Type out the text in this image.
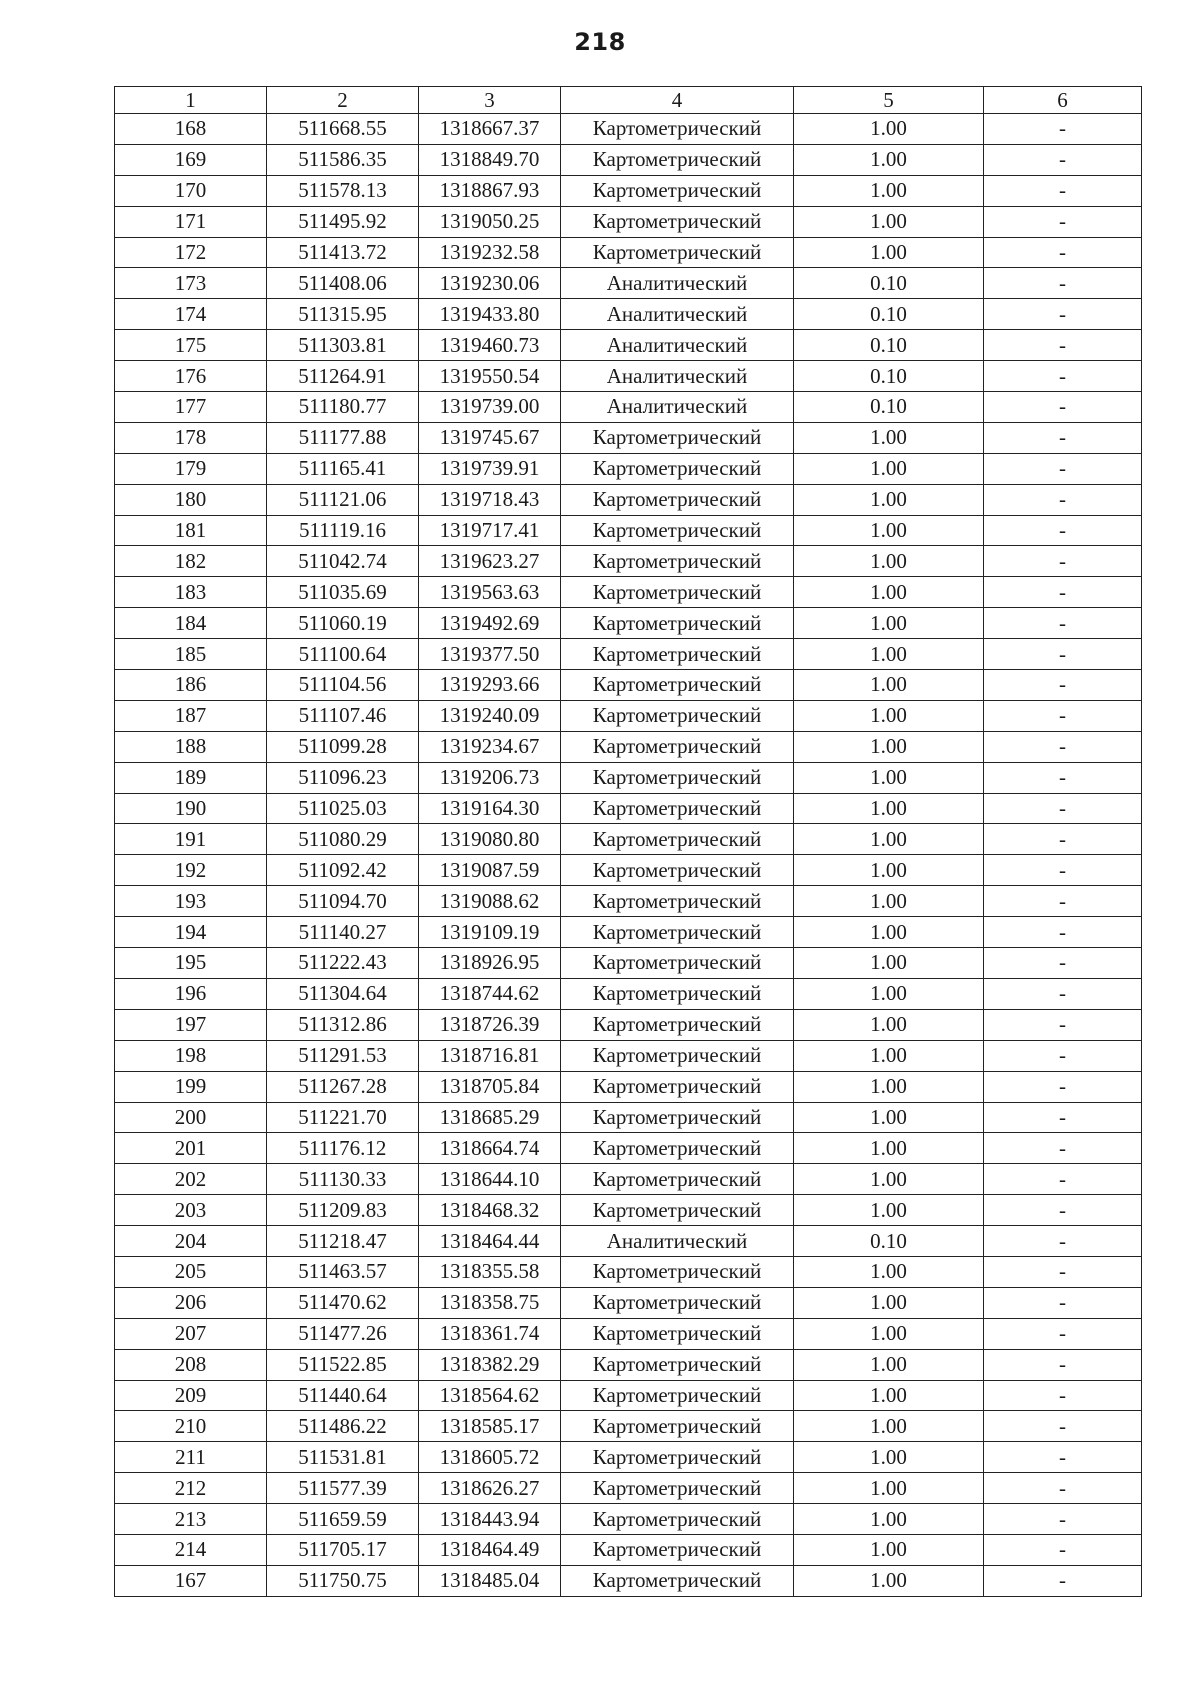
218
1	2	3	4	5	6
168	511668.55	1318667.37	Картометрический	1.00	-
169	511586.35	1318849.70	Картометрический	1.00	-
170	511578.13	1318867.93	Картометрический	1.00	-
171	511495.92	1319050.25	Картометрический	1.00	-
172	511413.72	1319232.58	Картометрический	1.00	-
173	511408.06	1319230.06	Аналитический	0.10	-
174	511315.95	1319433.80	Аналитический	0.10	-
175	511303.81	1319460.73	Аналитический	0.10	-
176	511264.91	1319550.54	Аналитический	0.10	-
177	511180.77	1319739.00	Аналитический	0.10	-
178	511177.88	1319745.67	Картометрический	1.00	-
179	511165.41	1319739.91	Картометрический	1.00	-
180	511121.06	1319718.43	Картометрический	1.00	-
181	511119.16	1319717.41	Картометрический	1.00	-
182	511042.74	1319623.27	Картометрический	1.00	-
183	511035.69	1319563.63	Картометрический	1.00	-
184	511060.19	1319492.69	Картометрический	1.00	-
185	511100.64	1319377.50	Картометрический	1.00	-
186	511104.56	1319293.66	Картометрический	1.00	-
187	511107.46	1319240.09	Картометрический	1.00	-
188	511099.28	1319234.67	Картометрический	1.00	-
189	511096.23	1319206.73	Картометрический	1.00	-
190	511025.03	1319164.30	Картометрический	1.00	-
191	511080.29	1319080.80	Картометрический	1.00	-
192	511092.42	1319087.59	Картометрический	1.00	-
193	511094.70	1319088.62	Картометрический	1.00	-
194	511140.27	1319109.19	Картометрический	1.00	-
195	511222.43	1318926.95	Картометрический	1.00	-
196	511304.64	1318744.62	Картометрический	1.00	-
197	511312.86	1318726.39	Картометрический	1.00	-
198	511291.53	1318716.81	Картометрический	1.00	-
199	511267.28	1318705.84	Картометрический	1.00	-
200	511221.70	1318685.29	Картометрический	1.00	-
201	511176.12	1318664.74	Картометрический	1.00	-
202	511130.33	1318644.10	Картометрический	1.00	-
203	511209.83	1318468.32	Картометрический	1.00	-
204	511218.47	1318464.44	Аналитический	0.10	-
205	511463.57	1318355.58	Картометрический	1.00	-
206	511470.62	1318358.75	Картометрический	1.00	-
207	511477.26	1318361.74	Картометрический	1.00	-
208	511522.85	1318382.29	Картометрический	1.00	-
209	511440.64	1318564.62	Картометрический	1.00	-
210	511486.22	1318585.17	Картометрический	1.00	-
211	511531.81	1318605.72	Картометрический	1.00	-
212	511577.39	1318626.27	Картометрический	1.00	-
213	511659.59	1318443.94	Картометрический	1.00	-
214	511705.17	1318464.49	Картометрический	1.00	-
167	511750.75	1318485.04	Картометрический	1.00	-
